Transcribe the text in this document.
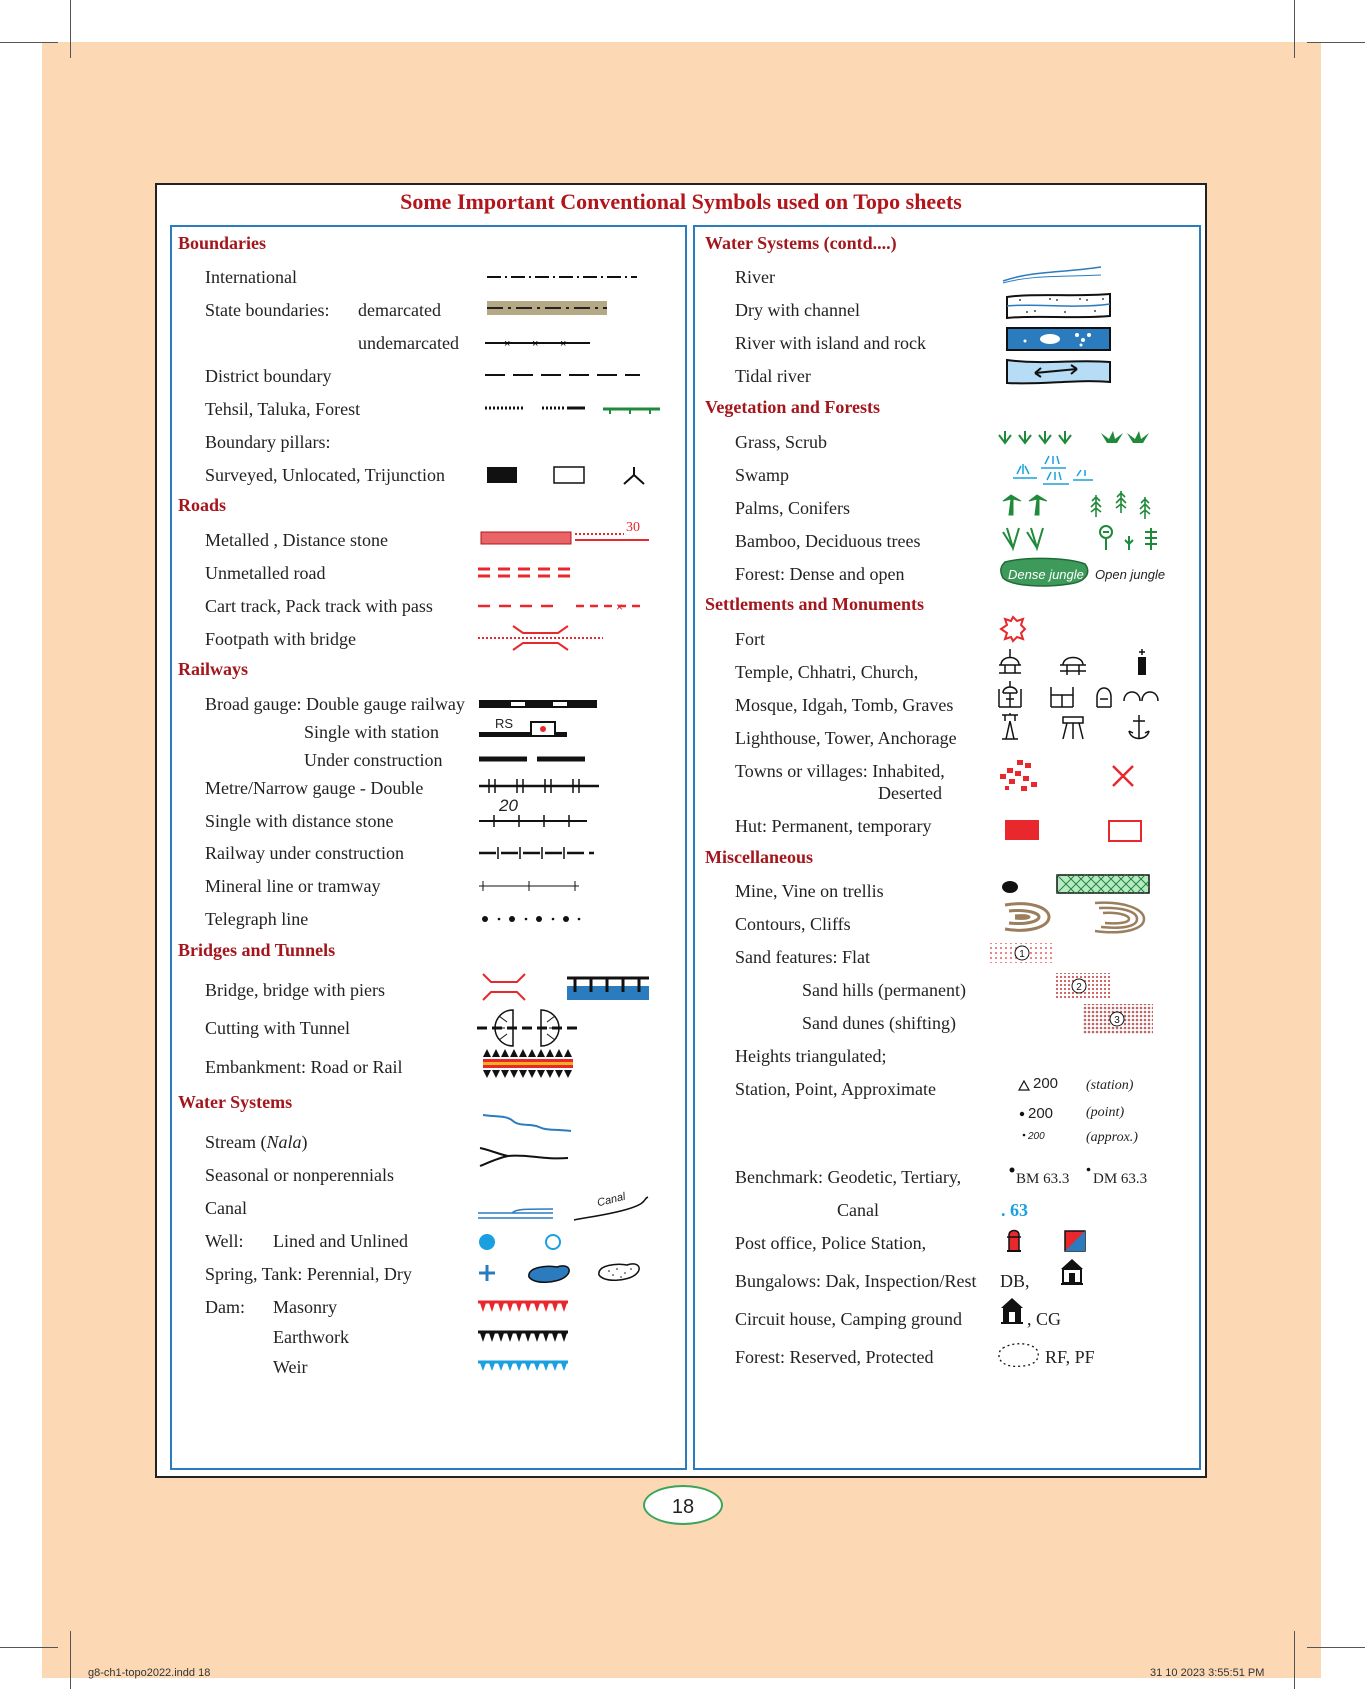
Some Important Conventional Symbols used on Topo sheets
Boundaries
International
State boundaries: demarcated
undemarcated	× × ×
District boundary
Tehsil, Taluka, Forest
Boundary pillars:
Surveyed, Unlocated, Trijunction
Roads
Metalled , Distance stone
30
Unmetalled road
Cart track, Pack track with pass	×
Footpath with bridge
Railways
Broad gauge: Double gauge railway
Single with station	RS
Under construction
Metre/Narrow gauge - Double
20
Single with distance stone
Railway under construction
Mineral line or tramway
Telegraph line
Bridges and Tunnels
Bridge, bridge with piers
Cutting with Tunnel
Embankment: Road or Rail
Water Systems
Stream (Nala)
Seasonal or nonperennials
Canal	Canal
Well: Lined and Unlined
Spring, Tank: Perennial, Dry
Dam: Masonry
Earthwork
Weir
Water Systems (contd....)
River
Dry with channel
River with island and rock
Tidal river
Vegetation and Forests
Grass, Scrub
Swamp
Palms, Conifers
Bamboo, Deciduous trees
Forest: Dense and open	Dense jungle Open jungle
Settlements and Monuments
Fort
Temple, Chhatri, Church,
Mosque, Idgah, Tomb, Graves
Lighthouse, Tower, Anchorage
Towns or villages: Inhabited,
Deserted
Hut: Permanent, temporary
Miscellaneous
Mine, Vine on trellis
Contours, Cliffs
Sand features: Flat	1
Sand hills (permanent)	2
Sand dunes (shifting)	3
Heights triangulated;
Station, Point, Approximate	200 (station)
200 (point)
200	(approx.)
Benchmark: Geodetic, Tertiary,	BM 63.3 DM 63.3
Canal	. 63
Post office, Police Station,
Bungalows: Dak, Inspection/Rest DB,
Circuit house, Camping ground	, CG
Forest: Reserved, Protected	RF, PF
18
g8-ch1-topo2022.indd 18	31 10 2023 3:55:51 PM
